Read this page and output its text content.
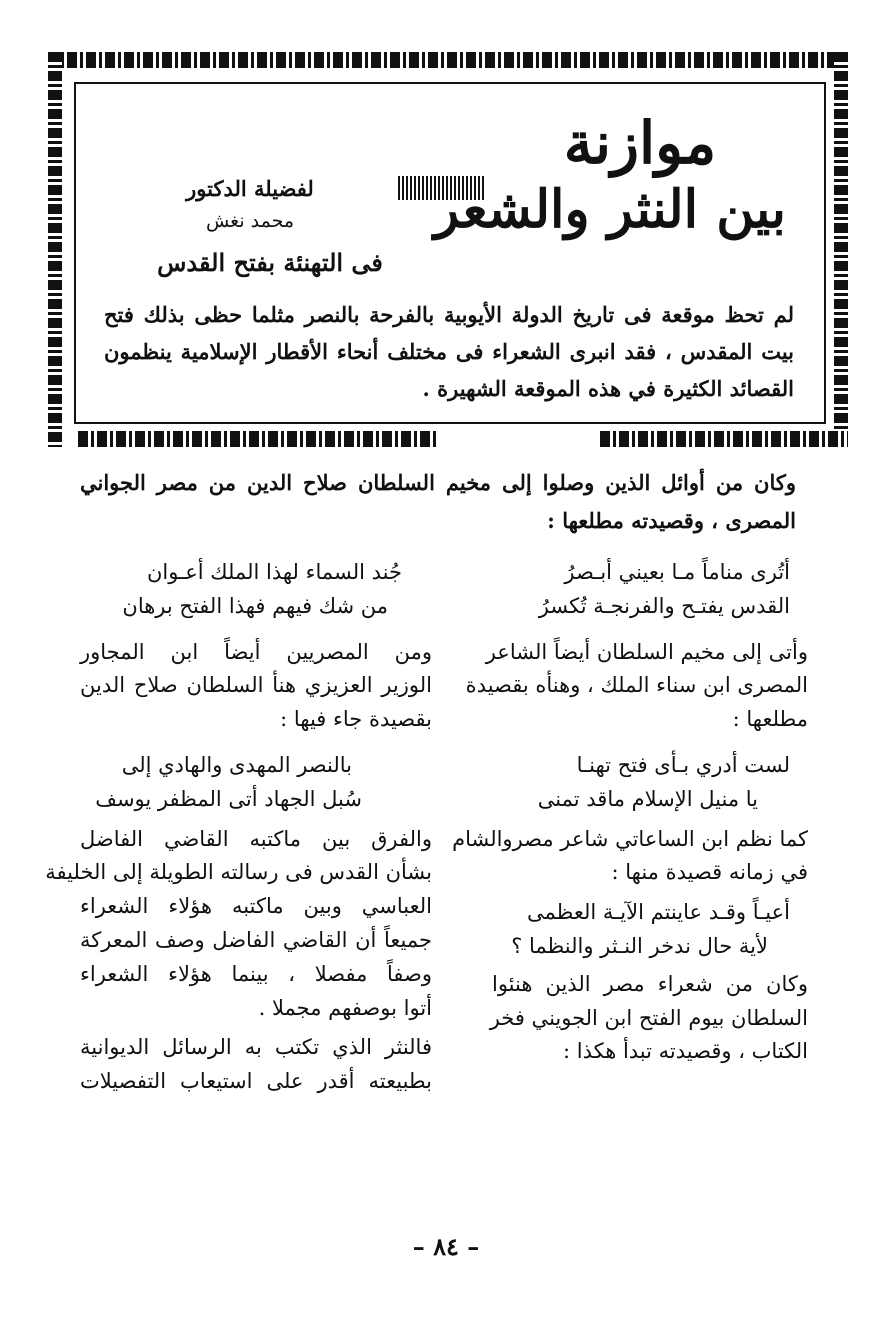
موازنة
بين النثر والشعر
لفضيلة الدكتور
محمد نغش
فى التهنئة بفتح القدس
لم تحظ موقعة فى تاريخ الدولة الأيوبية بالفرحة بالنصر مثلما حظى بذلك فتح
بيت المقدس ، فقد انبرى الشعراء فى مختلف أنحاء الأقطار الإسلامية ينظمون
القصائد الكثيرة في هذه الموقعة الشهيرة .
وكان من أوائل الذين وصلوا إلى مخيم السلطان صلاح الدين من مصر الجواني
المصرى ، وقصيدته مطلعها :
أتُرى مناماً مـا بعيني أبـصرُ
القدس يفتـح والفرنجـة تُكسرُ
وأتى إلى مخيم السلطان أيضاً الشاعر
المصرى ابن سناء الملك ، وهنأه بقصيدة
مطلعها :
لست أدري بـأى فتح تهنـا
يا منيل الإسلام ماقد تمنى
كما نظم ابن الساعاتي شاعر مصروالشام
في زمانه قصيدة منها :
أعيـاً وقـد عاينتم الآيـة العظمى
لأية حال ندخر النـثر والنظما ؟
وكان من شعراء مصر الذين هنئوا
السلطان بيوم الفتح ابن الجويني فخر
الكتاب ، وقصيدته تبدأ هكذا :
جُند السماء لهذا الملك أعـوان
من شك فيهم فهذا الفتح برهان
ومن المصريين أيضاً ابن المجاور
الوزير العزيزي هنأ السلطان صلاح الدين
بقصيدة جاء فيها :
بالنصر المهدى والهادي إلى
سُبل الجهاد أتى المظفر يوسف
والفرق بين ماكتبه القاضي الفاضل
بشأن القدس فى رسالته الطويلة إلى الخليفة
العباسي وبين ماكتبه هؤلاء الشعراء
جميعاً أن القاضي الفاضل وصف المعركة
وصفاً مفصلا ، بينما هؤلاء الشعراء
أتوا بوصفهم مجملا .
فالنثر الذي تكتب به الرسائل الديوانية
بطبيعته أقدر على استيعاب التفصيلات
– ٨٤ –
